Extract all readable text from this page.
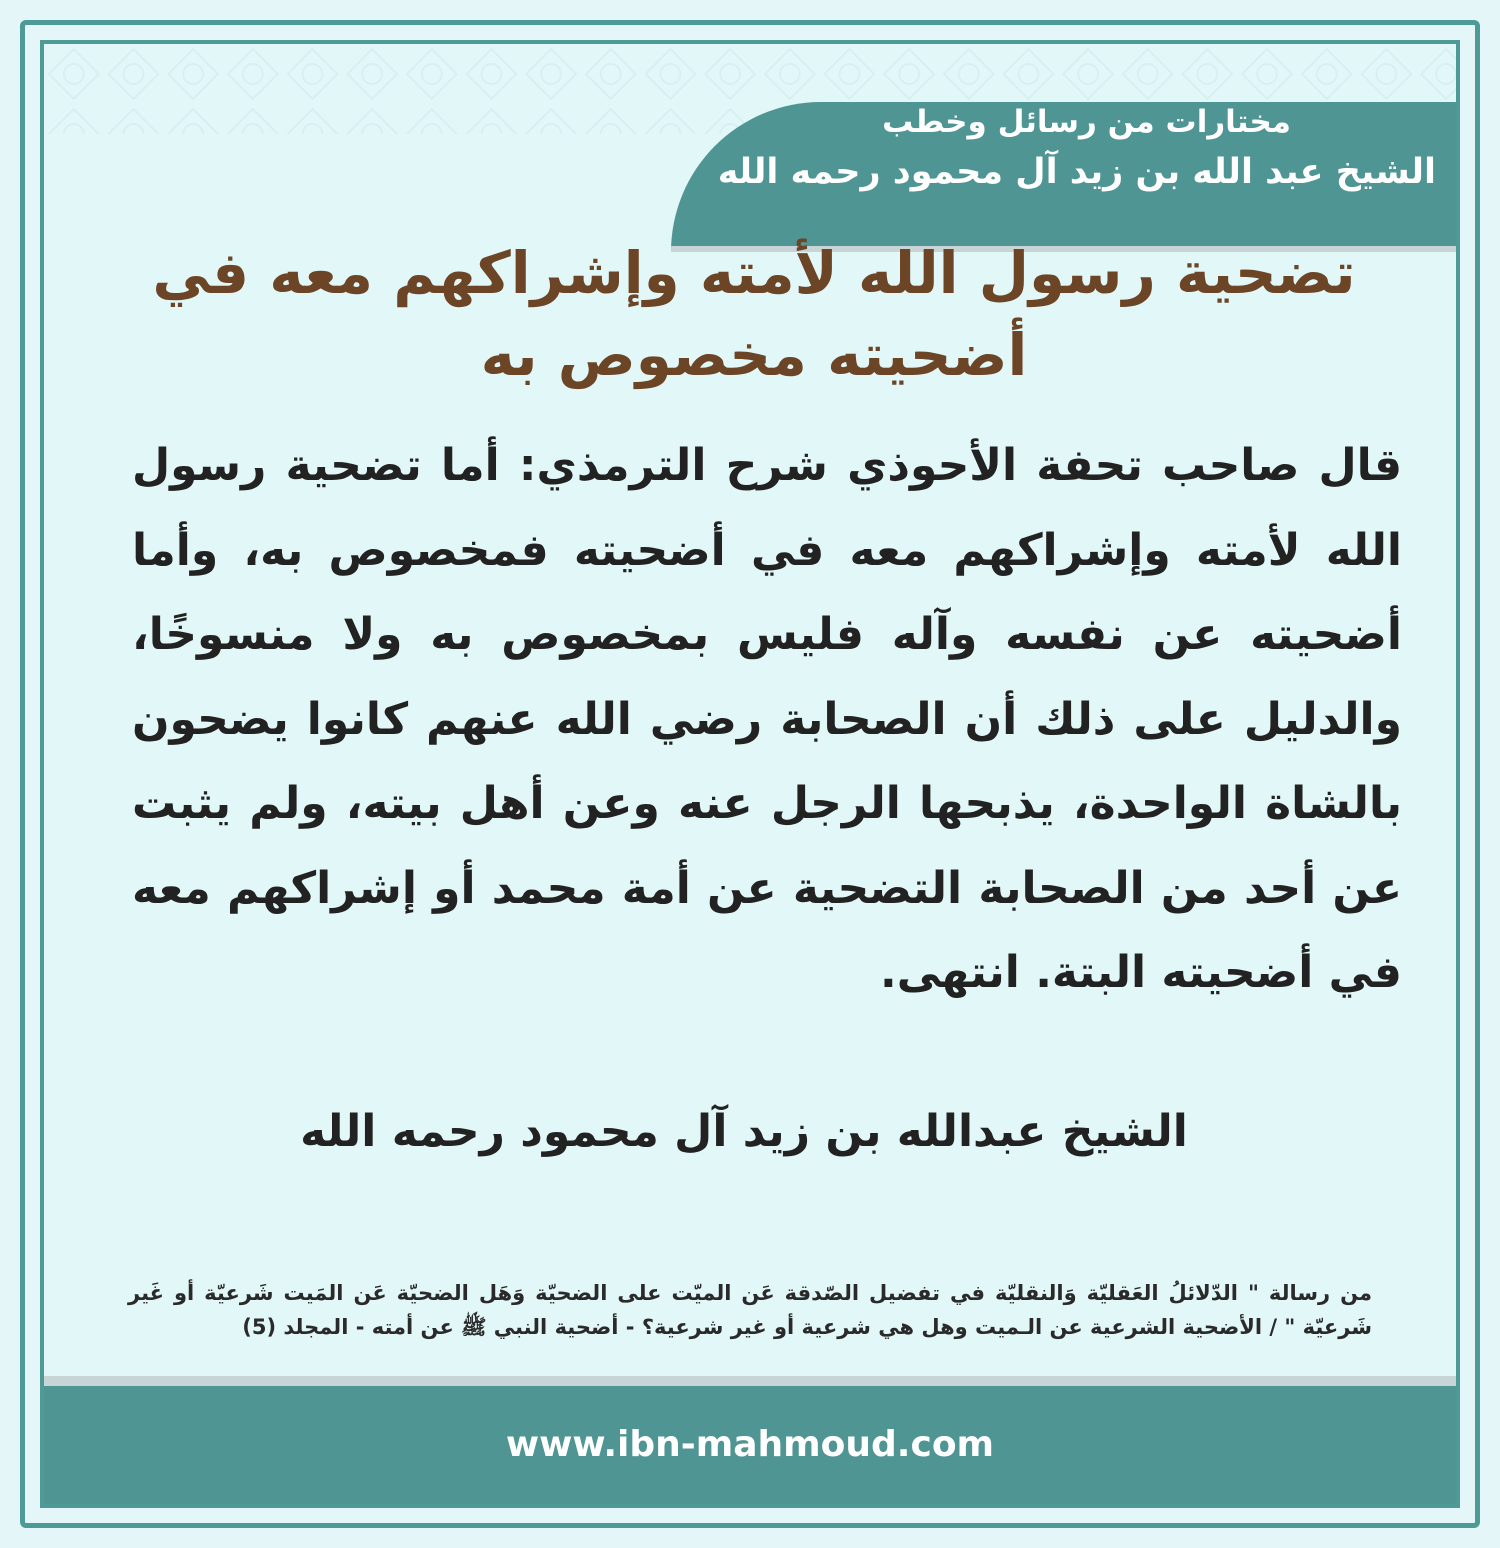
مختارات من رسائل وخطب
الشيخ عبد الله بن زيد آل محمود رحمه الله
تضحية رسول الله لأمته وإشراكهم معه في أضحيته مخصوص به
قال صاحب تحفة الأحوذي شرح الترمذي: أما تضحية رسول الله لأمته وإشراكهم معه في أضحيته فمخصوص به، وأما أضحيته عن نفسه وآله فليس بمخصوص به ولا منسوخًا، والدليل على ذلك أن الصحابة رضي الله عنهم كانوا يضحون بالشاة الواحدة، يذبحها الرجل عنه وعن أهل بيته، ولم يثبت عن أحد من الصحابة التضحية عن أمة محمد أو إشراكهم معه في أضحيته البتة. انتهى.
الشيخ عبدالله بن زيد آل محمود رحمه الله
من رسالة " الدّلائلُ العَقليّة وَالنقليّة في تفضيل الصّدقة عَن الميّت على الضحيّة وَهَل الضحيّة عَن المَيت شَرعيّة أو غَير شَرعيّة " / الأضحية الشرعية عن الـميت وهل هي شرعية أو غير شرعية؟ - أضحية النبي ﷺ عن أمته - المجلد (5)
www.ibn-mahmoud.com
